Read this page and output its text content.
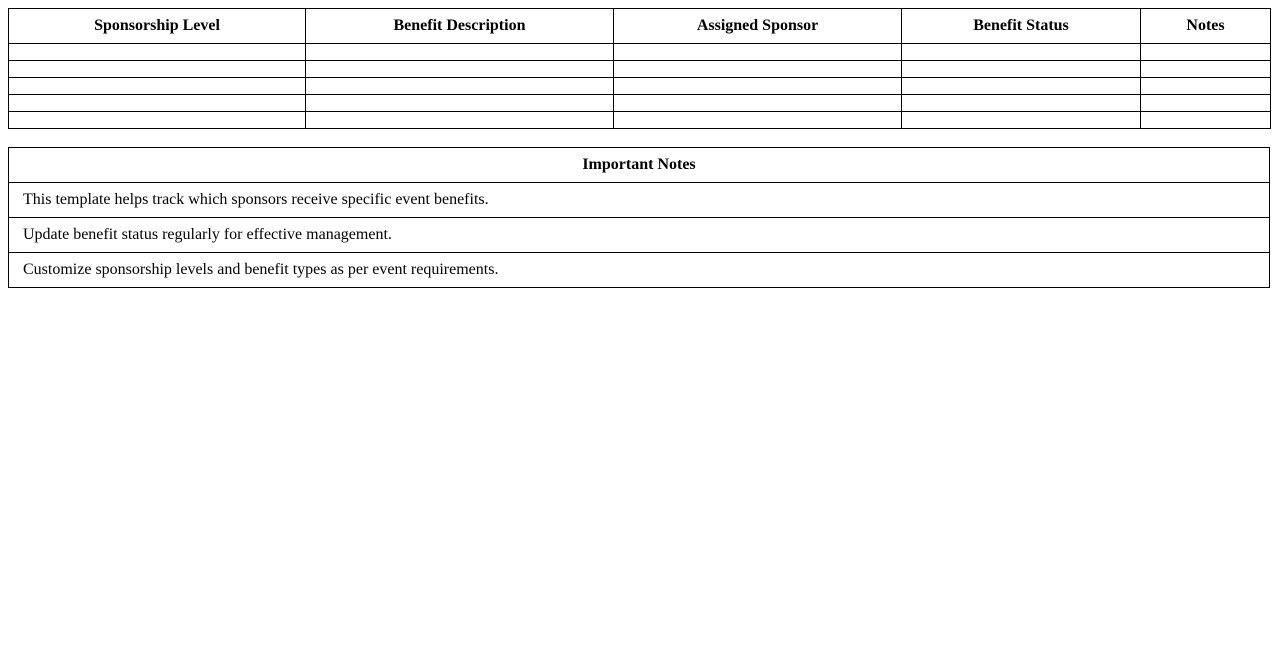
Sponsorship Level	Benefit Description	Assigned Sponsor	Benefit Status	Notes

Important Notes
This template helps track which sponsors receive specific event benefits.
Update benefit status regularly for effective management.
Customize sponsorship levels and benefit types as per event requirements.
